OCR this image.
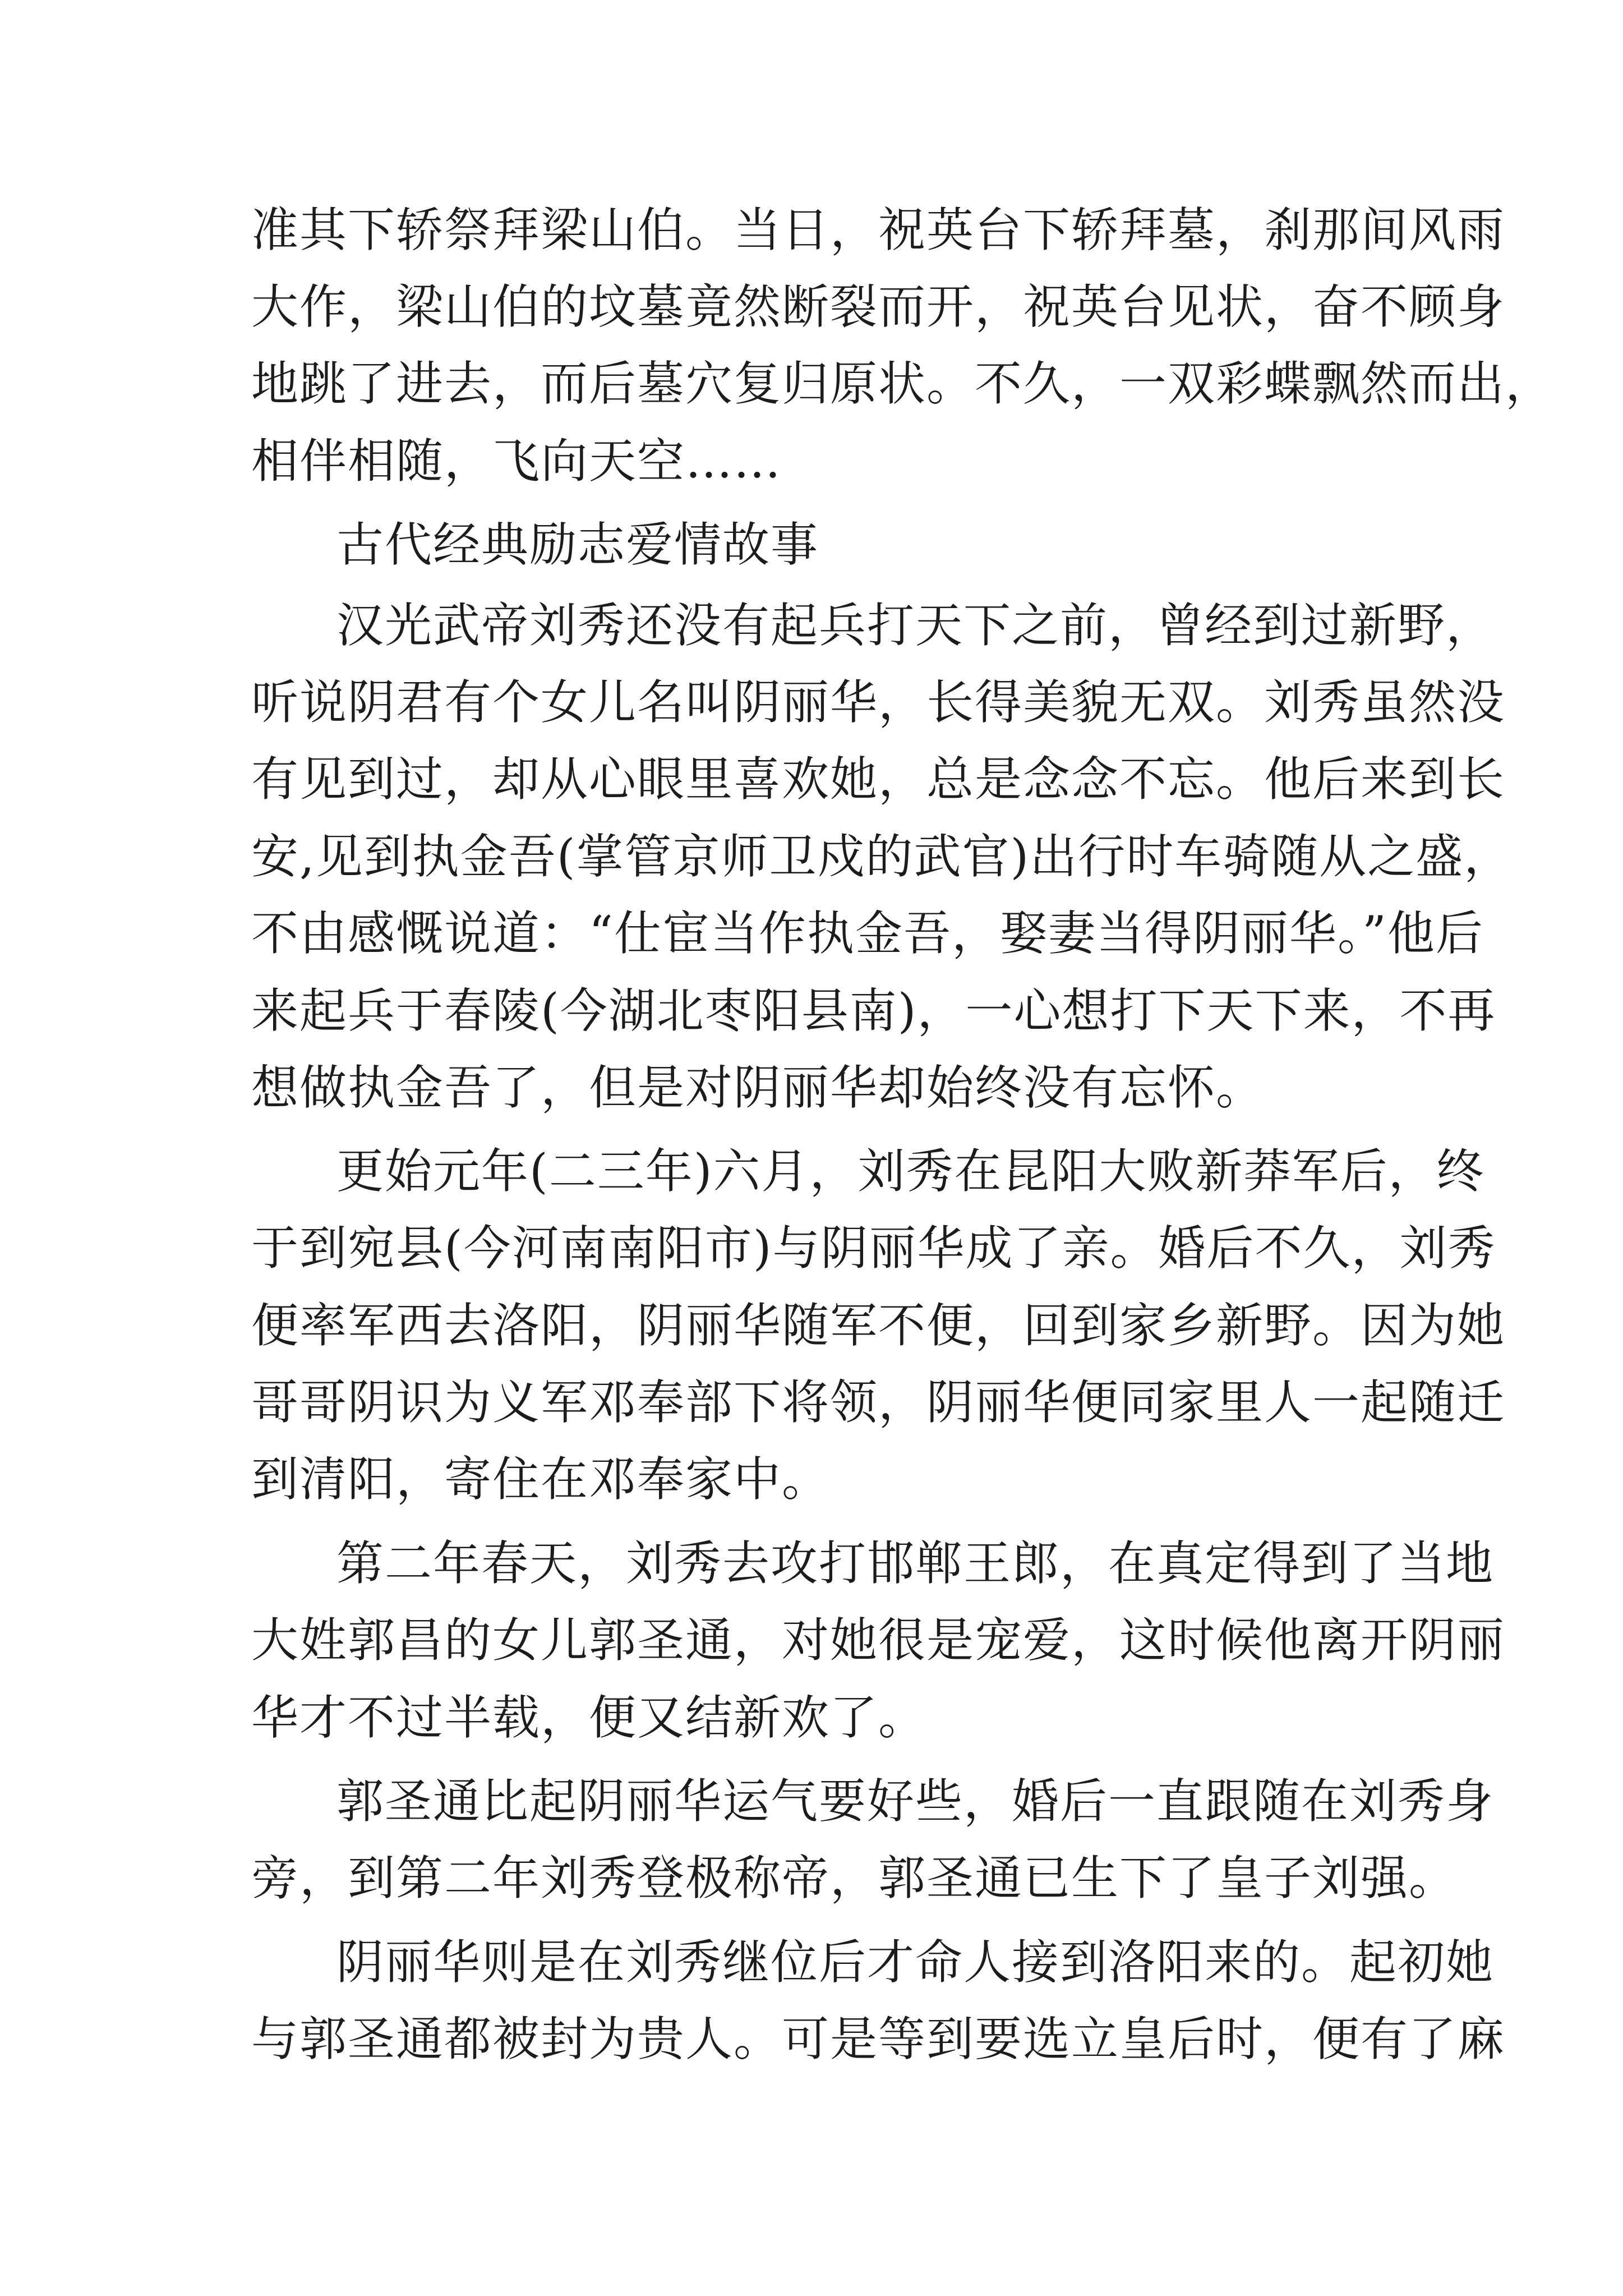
准其下轿祭拜梁山伯。当日，祝英台下轿拜墓，刹那间风雨

大作，梁山伯的坟墓竟然断裂而开，祝英台见状，奋不顾身

地跳了进去，而后墓穴复归原状。不久，一双彩蝶飘然而出，

相伴相随，飞向天空……

古代经典励志爱情故事

汉光武帝刘秀还没有起兵打天下之前，曾经到过新野，

听说阴君有个女儿名叫阴丽华，长得美貌无双。刘秀虽然没

有见到过，却从心眼里喜欢她，总是念念不忘。他后来到长

安,见到执金吾(掌管京师卫戍的武官)出行时车骑随从之盛，

不由感慨说道：“仕宦当作执金吾，娶妻当得阴丽华。”他后

来起兵于春陵(今湖北枣阳县南)，一心想打下天下来，不再

想做执金吾了，但是对阴丽华却始终没有忘怀。

更始元年(二三年)六月，刘秀在昆阳大败新莽军后，终

于到宛县(今河南南阳市)与阴丽华成了亲。婚后不久，刘秀

便率军西去洛阳，阴丽华随军不便，回到家乡新野。因为她

哥哥阴识为义军邓奉部下将领，阴丽华便同家里人一起随迁

到清阳，寄住在邓奉家中。

第二年春天，刘秀去攻打邯郸王郎，在真定得到了当地

大姓郭昌的女儿郭圣通，对她很是宠爱，这时候他离开阴丽

华才不过半载，便又结新欢了。

郭圣通比起阴丽华运气要好些，婚后一直跟随在刘秀身

旁，到第二年刘秀登极称帝，郭圣通已生下了皇子刘强。

阴丽华则是在刘秀继位后才命人接到洛阳来的。起初她

与郭圣通都被封为贵人。可是等到要选立皇后时，便有了麻
